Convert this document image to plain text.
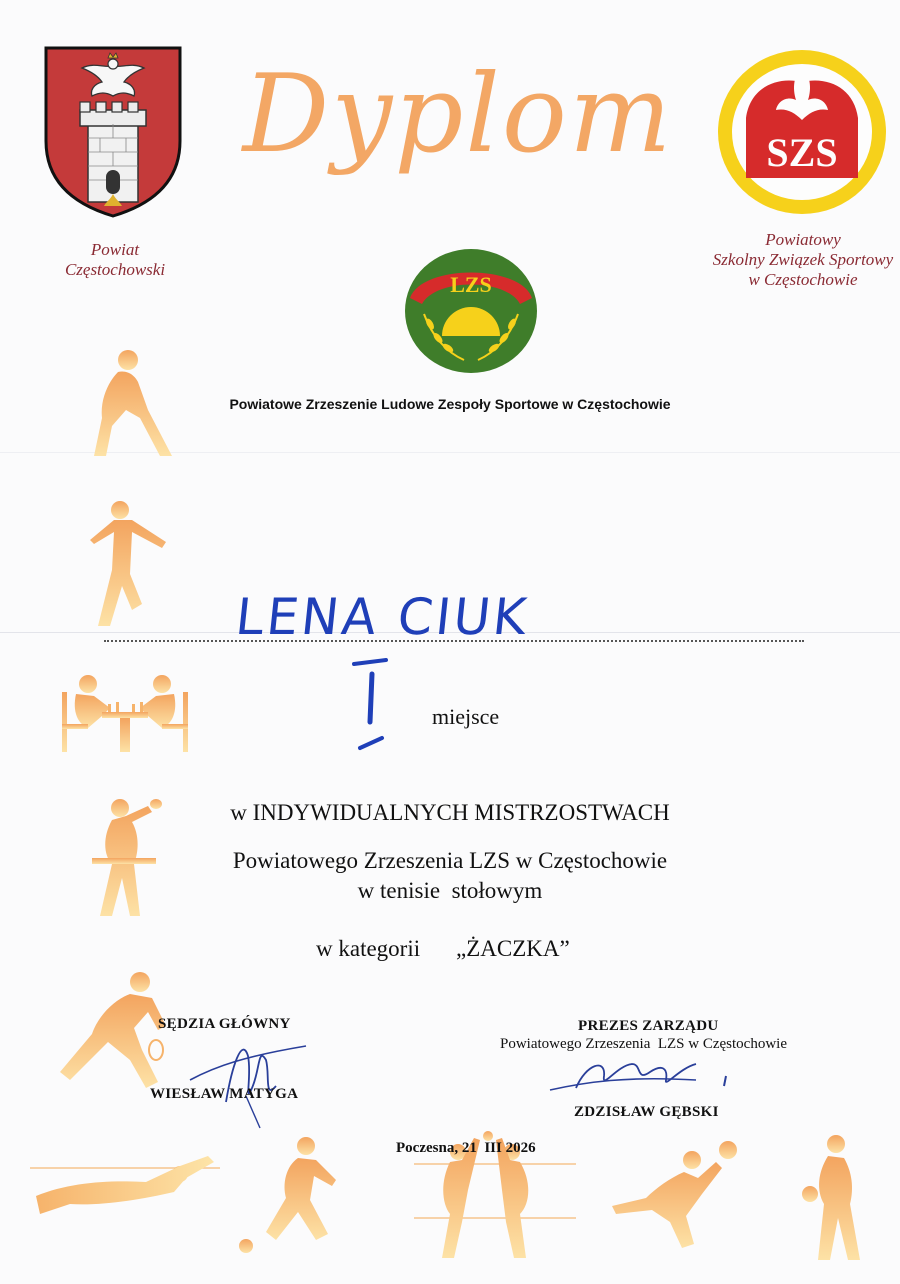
Powiat
Częstochowski
Dyplom	SZS
Powiatowy
Szkolny Związek Sportowy
w Częstochowie
LZS
Powiatowe Zrzeszenie Ludowe Zespoły Sportowe w Częstochowie
LENA CIUK
miejsce
w INDYWIDUALNYCH MISTRZOSTWACH
Powiatowego Zrzeszenia LZS w Częstochowie
w tenisie  stołowym
w kategorii „ŻACZKA”
SĘDZIA GŁÓWNY
WIESŁAW MATYGA
PREZES ZARZĄDU
Powiatowego Zrzeszenia  LZS w Częstochowie
ZDZISŁAW GĘBSKI
Poczesna, 21  III 2026
